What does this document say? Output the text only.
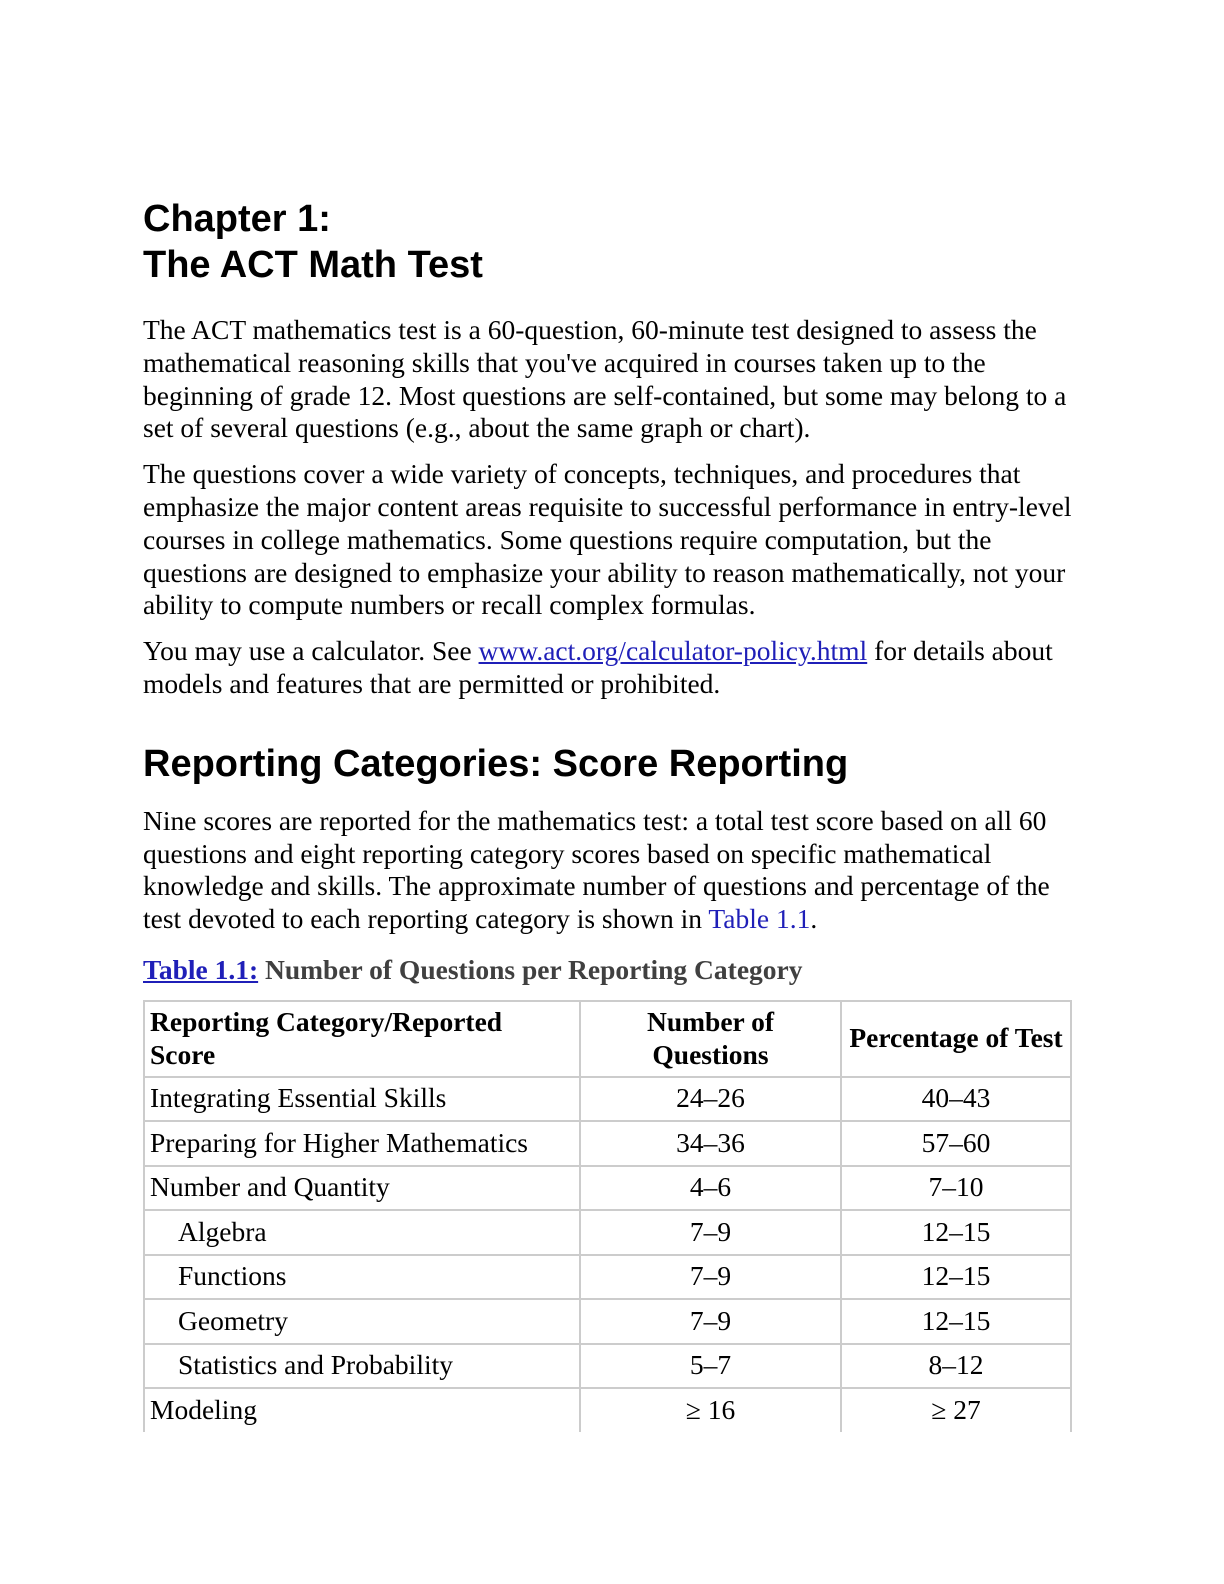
Chapter 1:
The ACT Math Test

The ACT mathematics test is a 60-question, 60-minute test designed to assess the mathematical reasoning skills that you've acquired in courses taken up to the beginning of grade 12. Most questions are self-contained, but some may belong to a set of several questions (e.g., about the same graph or chart).

The questions cover a wide variety of concepts, techniques, and procedures that emphasize the major content areas requisite to successful performance in entry-level courses in college mathematics. Some questions require computation, but the questions are designed to emphasize your ability to reason mathematically, not your ability to compute numbers or recall complex formulas.

You may use a calculator. See www.act.org/calculator-policy.html for details about models and features that are permitted or prohibited.

Reporting Categories: Score Reporting

Nine scores are reported for the mathematics test: a total test score based on all 60 questions and eight reporting category scores based on specific mathematical knowledge and skills. The approximate number of questions and percentage of the test devoted to each reporting category is shown in Table 1.1.

Table 1.1: Number of Questions per Reporting Category
Reporting Category/Reported Score	Number of Questions	Percentage of Test
Integrating Essential Skills	24–26	40–43
Preparing for Higher Mathematics	34–36	57–60
Number and Quantity	4–6	7–10
Algebra	7–9	12–15
Functions	7–9	12–15
Geometry	7–9	12–15
Statistics and Probability	5–7	8–12
Modeling	≥ 16	≥ 27
